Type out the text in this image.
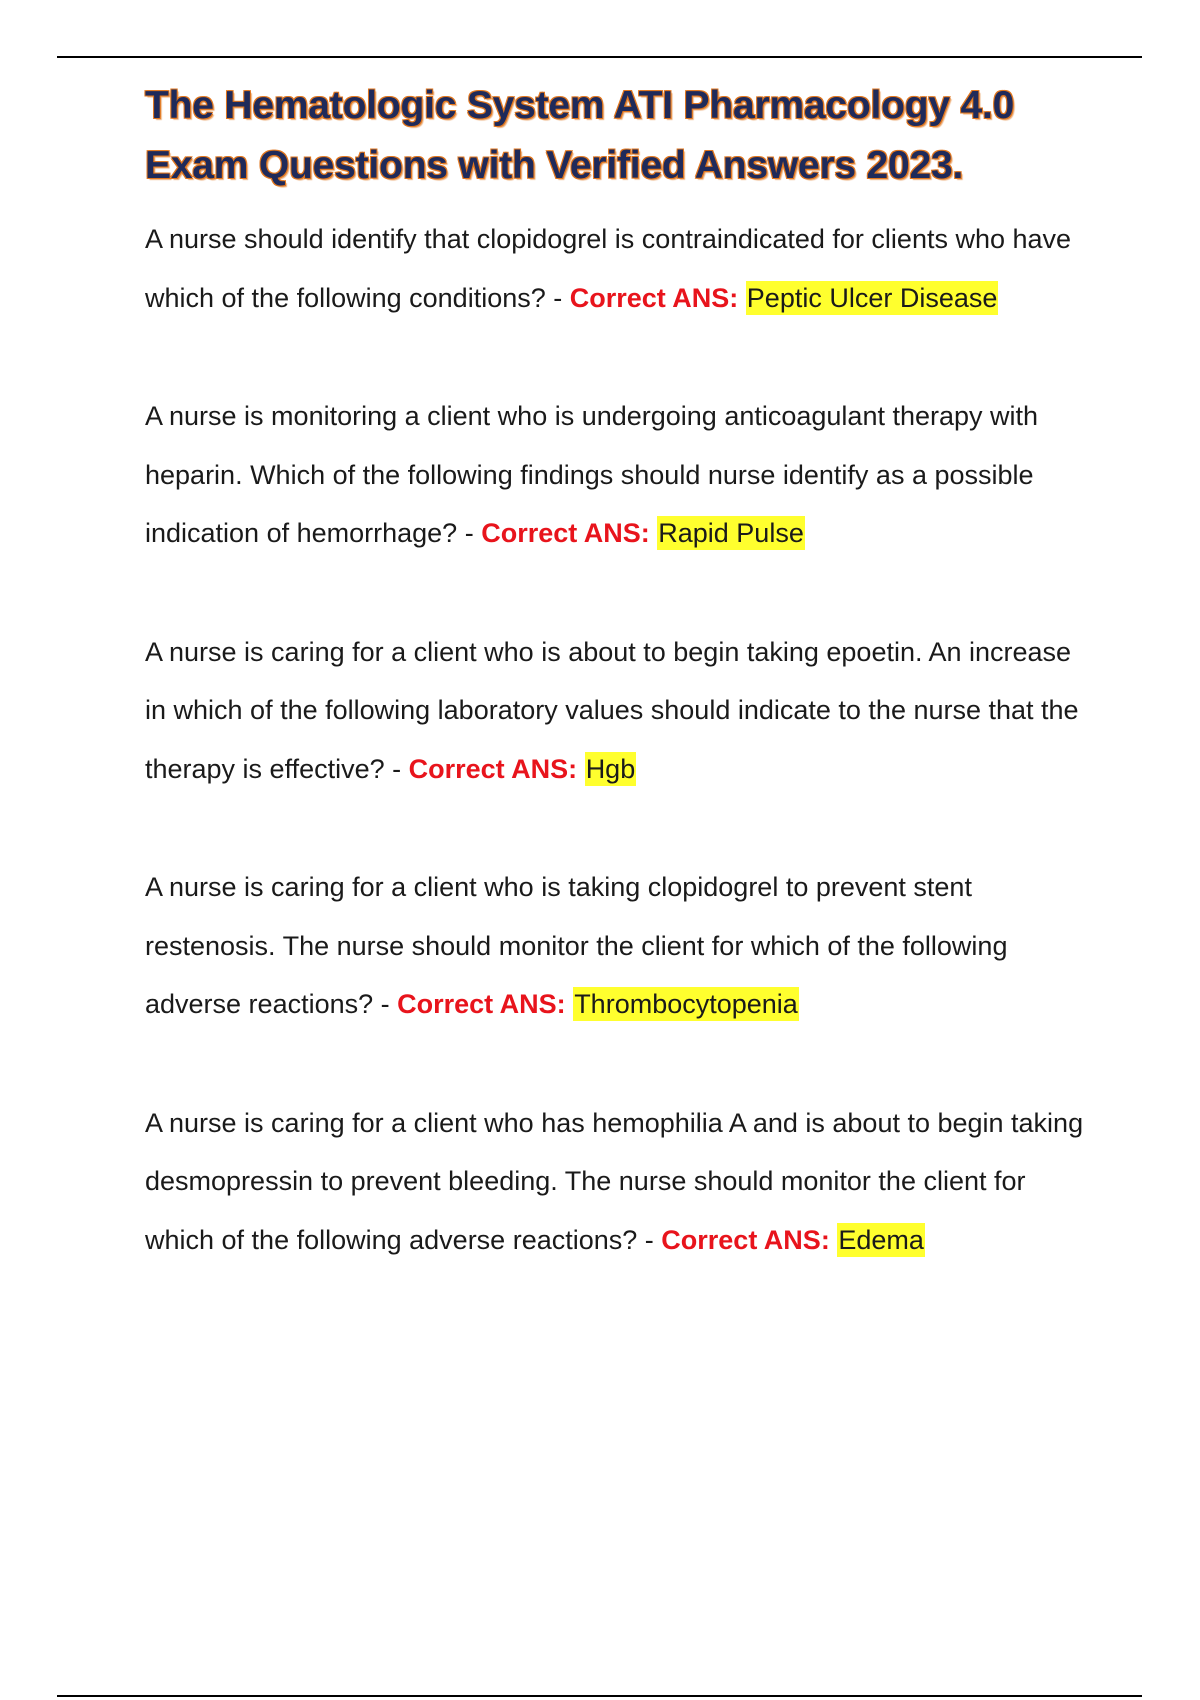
The Hematologic System ATI Pharmacology 4.0 Exam Questions with Verified Answers 2023.

A nurse should identify that clopidogrel is contraindicated for clients who have which of the following conditions? - Correct ANS: Peptic Ulcer Disease

A nurse is monitoring a client who is undergoing anticoagulant therapy with heparin. Which of the following findings should nurse identify as a possible indication of hemorrhage? - Correct ANS: Rapid Pulse

A nurse is caring for a client who is about to begin taking epoetin. An increase in which of the following laboratory values should indicate to the nurse that the therapy is effective? - Correct ANS: Hgb

A nurse is caring for a client who is taking clopidogrel to prevent stent restenosis. The nurse should monitor the client for which of the following adverse reactions? - Correct ANS: Thrombocytopenia

A nurse is caring for a client who has hemophilia A and is about to begin taking desmopressin to prevent bleeding. The nurse should monitor the client for which of the following adverse reactions? - Correct ANS: Edema
